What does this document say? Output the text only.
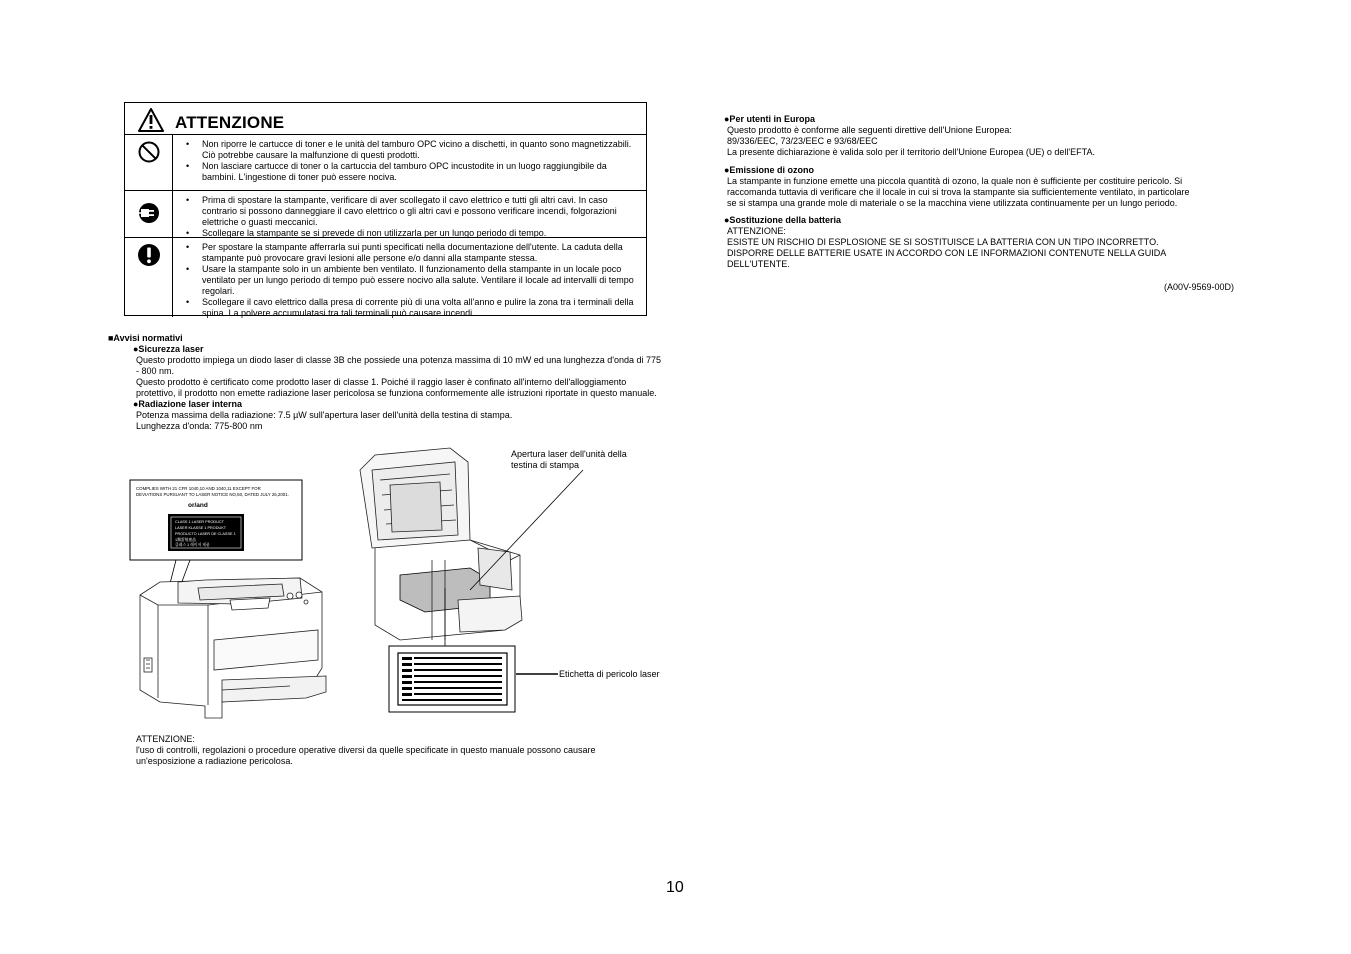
ATTENZIONE
• Non riporre le cartucce di toner e le unità del tamburo OPC vicino a dischetti, in quanto sono magnetizzabili. Ciò potrebbe causare la malfunzione di questi prodotti.
• Non lasciare cartucce di toner o la cartuccia del tamburo OPC incustodite in un luogo raggiungibile da bambini. L'ingestione di toner può essere nociva.
• Prima di spostare la stampante, verificare di aver scollegato il cavo elettrico e tutti gli altri cavi. In caso contrario si possono danneggiare il cavo elettrico o gli altri cavi e possono verificare incendi, folgorazioni elettriche o guasti meccanici.
• Scollegare la stampante se si prevede di non utilizzarla per un lungo periodo di tempo.
• Per spostare la stampante afferrarla sui punti specificati nella documentazione dell'utente. La caduta della stampante può provocare gravi lesioni alle persone e/o danni alla stampante stessa.
• Usare la stampante solo in un ambiente ben ventilato. Il funzionamento della stampante in un locale poco ventilato per un lungo periodo di tempo può essere nocivo alla salute. Ventilare il locale ad intervalli di tempo regolari.
• Scollegare il cavo elettrico dalla presa di corrente più di una volta all'anno e pulire la zona tra i terminali della spina. La polvere accumulatasi tra tali terminali può causare incendi.
■Avvisi normativi

●Sicurezza laser

Questo prodotto impiega un diodo laser di classe 3B che possiede una potenza massima di 10 mW ed una lunghezza d'onda di 775 - 800 nm.

Questo prodotto è certificato come prodotto laser di classe 1. Poiché il raggio laser è confinato all'interno dell'alloggiamento protettivo, il prodotto non emette radiazione laser pericolosa se funziona conformemente alle istruzioni riportate in questo manuale.

●Radiazione laser interna

Potenza massima della radiazione: 7.5 µW sull'apertura laser dell'unità della testina di stampa.

Lunghezza d'onda: 775-800 nm

COMPLIES WITH 21 CFR 1040,10 AND 1040,11 EXCEPT FOR
DEVIATIONS PURSUANT TO LASER NOTICE NO,50, DATED JULY 26,2001.
or/and
CLASS 1 LASER PRODUCT
LASER KLASSE 1 PRODUKT
PRODUCTO LASER DE CLASSE 1
1類雷射產品
클래스 1 레이저 제품
Apertura laser dell'unità della
testina di stampa
Etichetta di pericolo laser

ATTENZIONE:

l'uso di controlli, regolazioni o procedure operative diversi da quelle specificate in questo manuale possono causare

un'esposizione a radiazione pericolosa.

●Per utenti in Europa

Questo prodotto è conforme alle seguenti direttive dell'Unione Europea:

89/336/EEC, 73/23/EEC e 93/68/EEC

La presente dichiarazione è valida solo per il territorio dell'Unione Europea (UE) o dell'EFTA.

●Emissione di ozono

La stampante in funzione emette una piccola quantità di ozono, la quale non è sufficiente per costituire pericolo. Si

raccomanda tuttavia di verificare che il locale in cui si trova la stampante sia sufficientemente ventilato, in particolare

se si stampa una grande mole di materiale o se la macchina viene utilizzata continuamente per un lungo periodo.

●Sostituzione della batteria

ATTENZIONE:

ESISTE UN RISCHIO DI ESPLOSIONE SE SI SOSTITUISCE LA BATTERIA CON UN TIPO INCORRETTO.

DISPORRE DELLE BATTERIE USATE IN ACCORDO CON LE INFORMAZIONI CONTENUTE NELLA GUIDA

DELL'UTENTE.

(A00V-9569-00D)
10
